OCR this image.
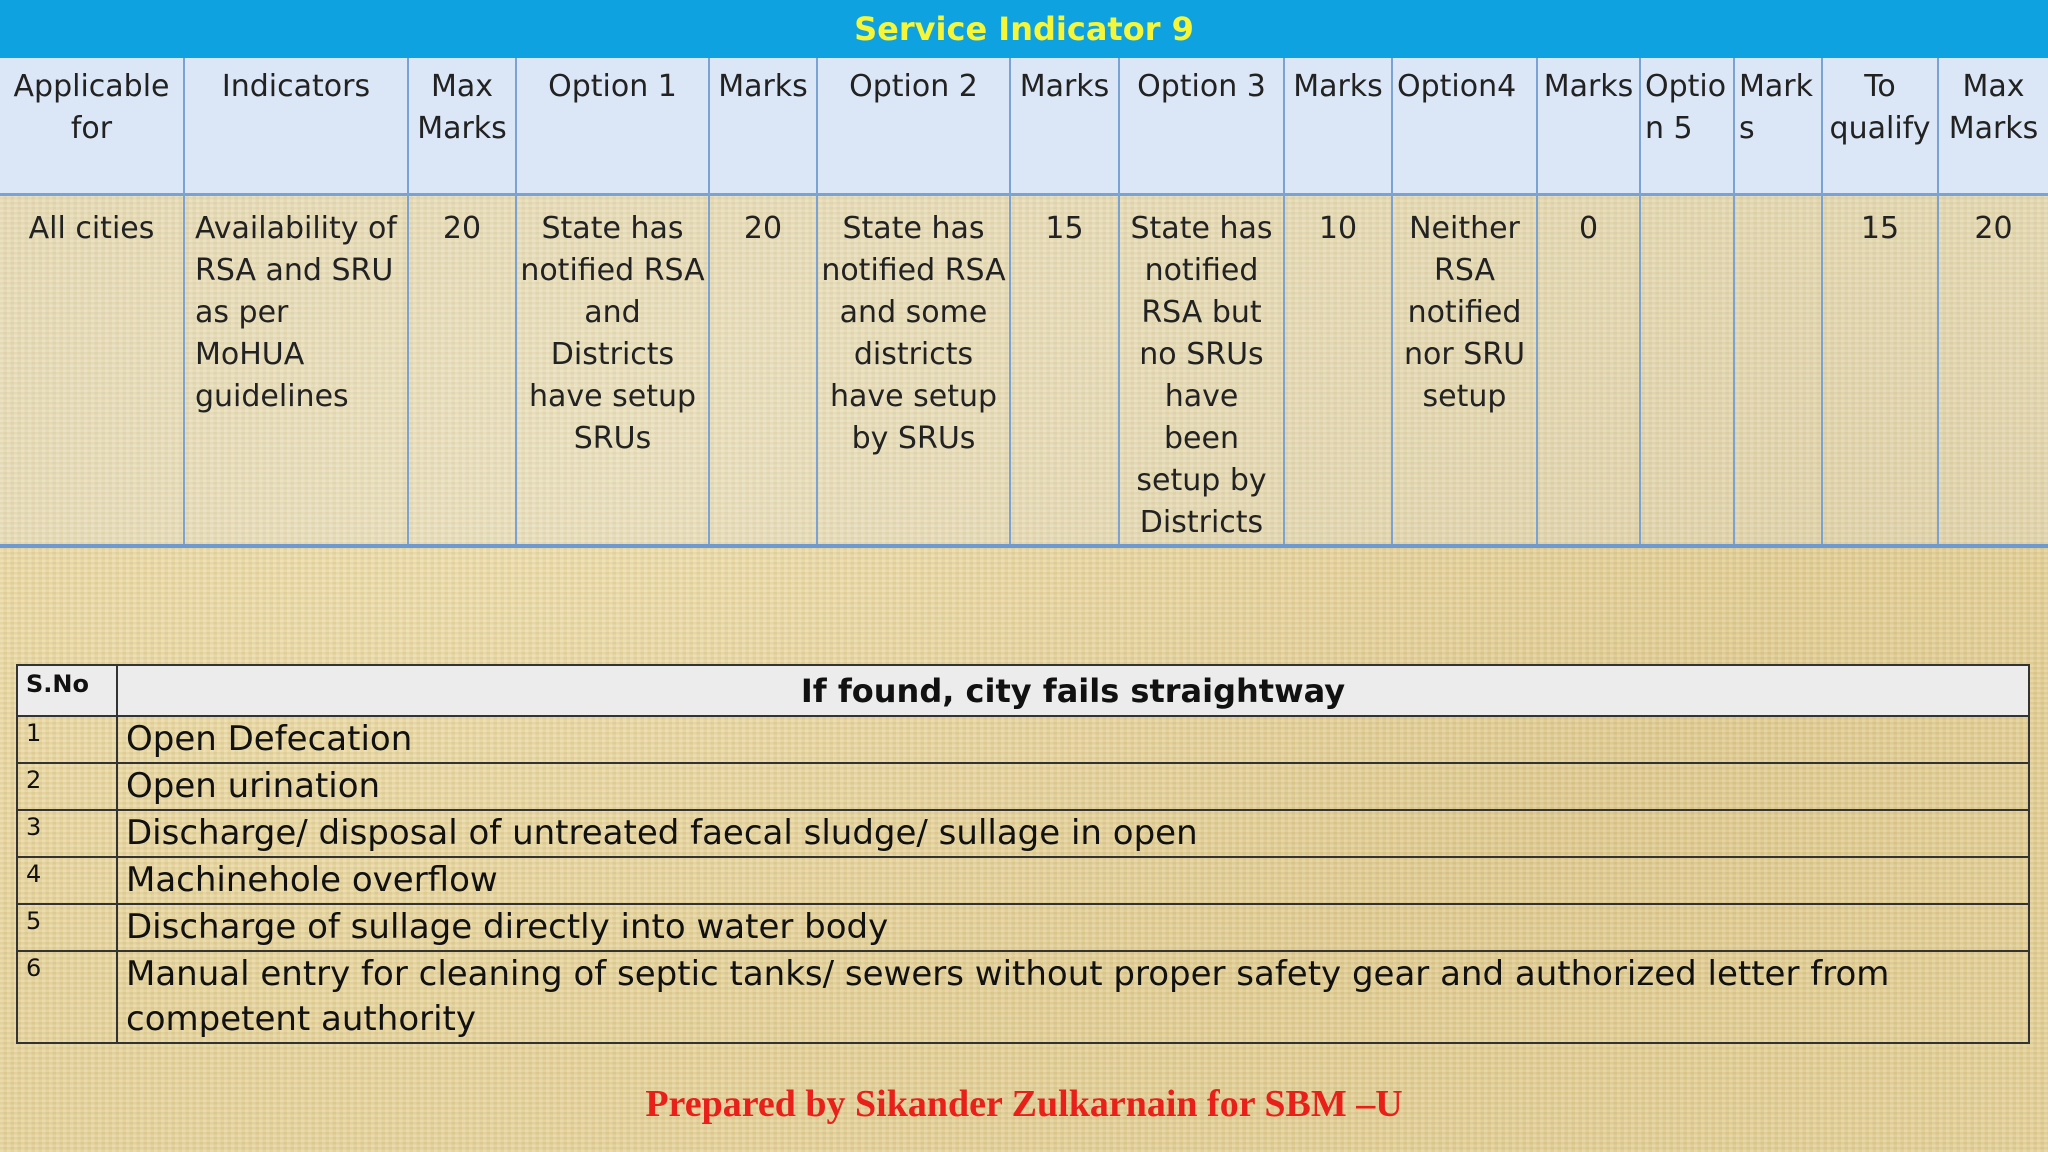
Service Indicator 9
Applicable for	Indicators	Max Marks	Option 1	Marks	Option 2	Marks	Option 3	Marks	Option4	Marks	Optio n 5	Mark s	To qualify	Max Marks
All cities	Availability of RSA and SRU as per MoHUA guidelines	20	State has notified RSA and Districts have setup SRUs	20	State has notified RSA and some districts have setup by SRUs	15	State has notified RSA but no SRUs have been setup by Districts	10	Neither RSA notified nor SRU setup	0			15	20
S.No	If found, city fails straightway
1	Open Defecation
2	Open urination
3	Discharge/ disposal of untreated faecal sludge/ sullage in open
4	Machinehole overflow
5	Discharge of sullage directly into water body
6	Manual entry for cleaning of septic tanks/ sewers without proper safety gear and authorized letter from competent authority
Prepared by Sikander Zulkarnain for SBM –U
